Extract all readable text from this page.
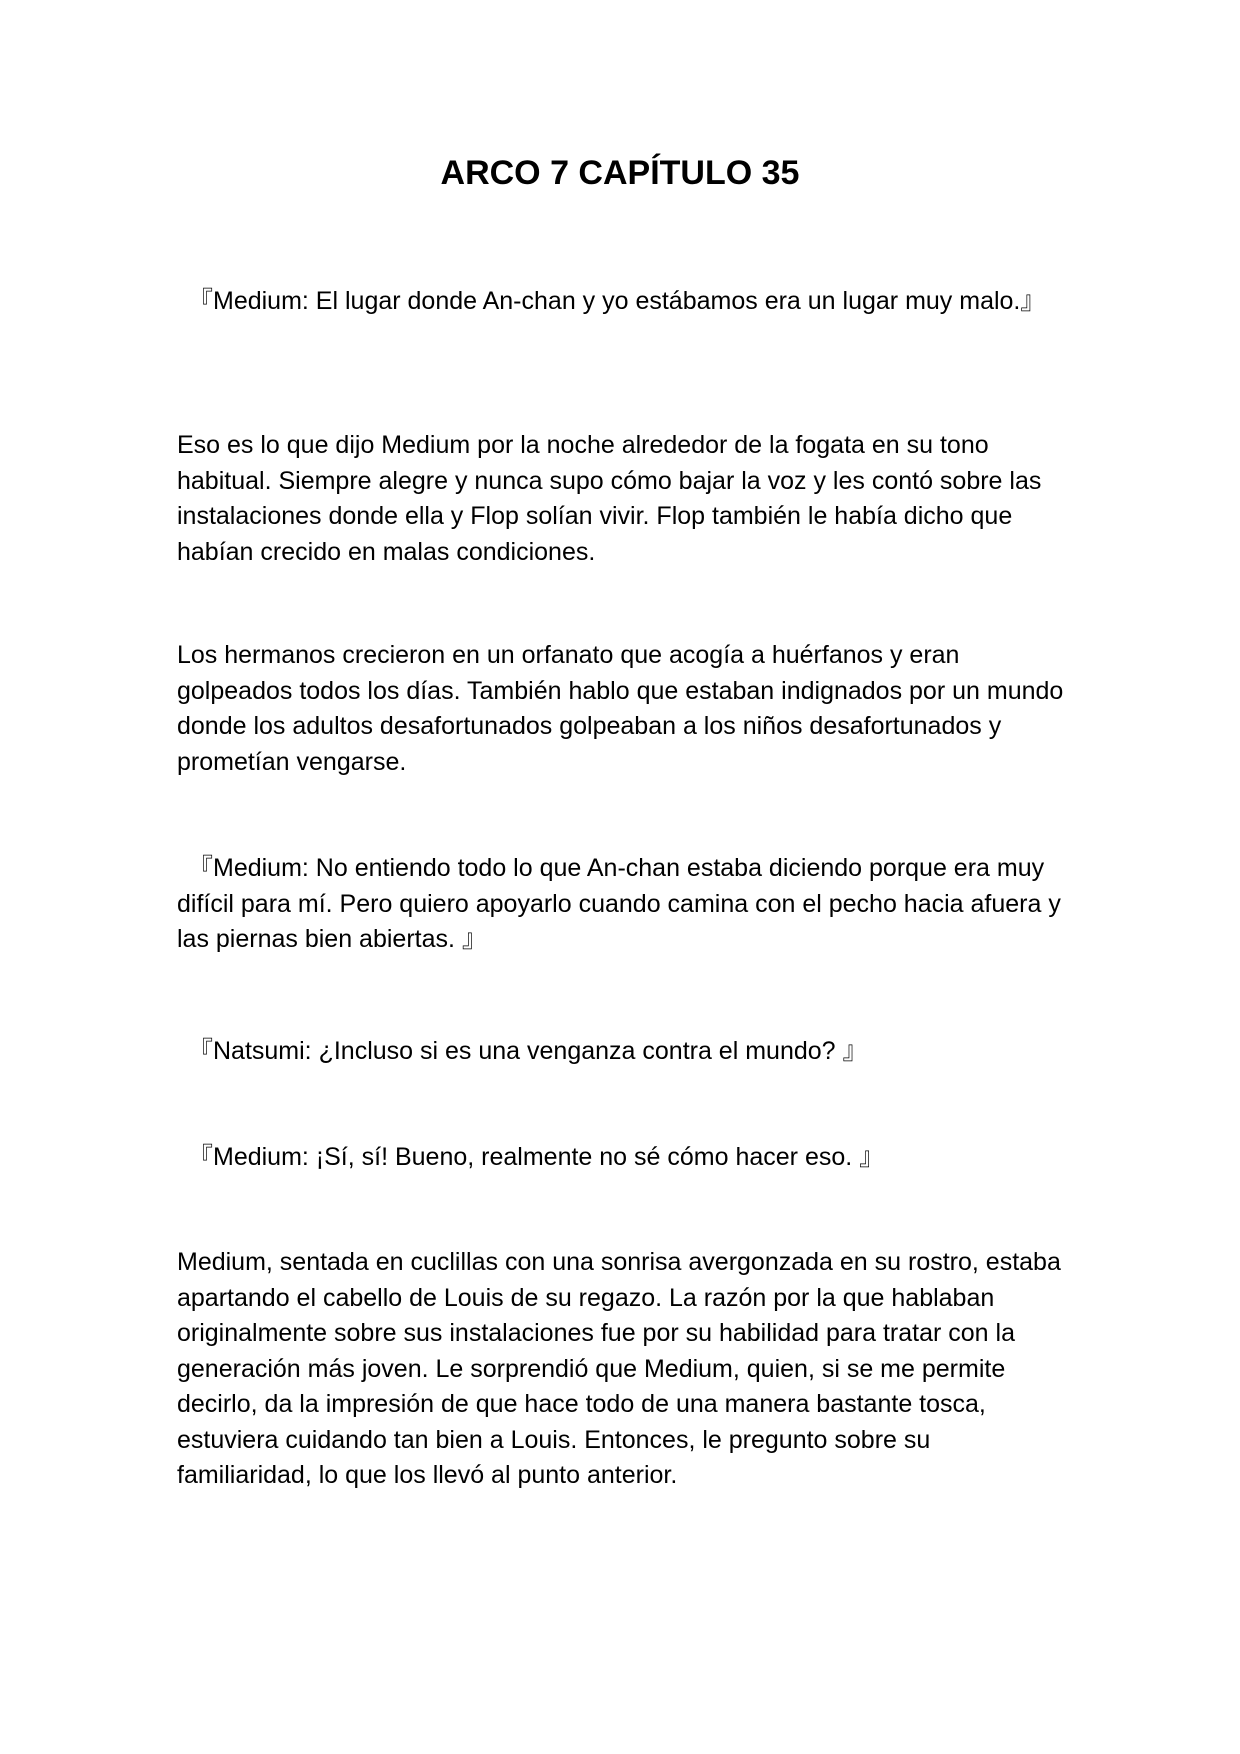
ARCO 7 CAPÍTULO 35

『Medium: El lugar donde An-chan y yo estábamos era un lugar muy malo.』

Eso es lo que dijo Medium por la noche alrededor de la fogata en su tono habitual. Siempre alegre y nunca supo cómo bajar la voz y les contó sobre las instalaciones donde ella y Flop solían vivir. Flop también le había dicho que habían crecido en malas condiciones.

Los hermanos crecieron en un orfanato que acogía a huérfanos y eran golpeados todos los días. También hablo que estaban indignados por un mundo donde los adultos desafortunados golpeaban a los niños desafortunados y prometían vengarse.

『Medium: No entiendo todo lo que An-chan estaba diciendo porque era muy difícil para mí. Pero quiero apoyarlo cuando camina con el pecho hacia afuera y las piernas bien abiertas. 』

『Natsumi: ¿Incluso si es una venganza contra el mundo? 』

『Medium: ¡Sí, sí! Bueno, realmente no sé cómo hacer eso. 』

Medium, sentada en cuclillas con una sonrisa avergonzada en su rostro, estaba apartando el cabello de Louis de su regazo. La razón por la que hablaban originalmente sobre sus instalaciones fue por su habilidad para tratar con la generación más joven. Le sorprendió que Medium, quien, si se me permite decirlo, da la impresión de que hace todo de una manera bastante tosca, estuviera cuidando tan bien a Louis. Entonces, le pregunto sobre su familiaridad, lo que los llevó al punto anterior.
